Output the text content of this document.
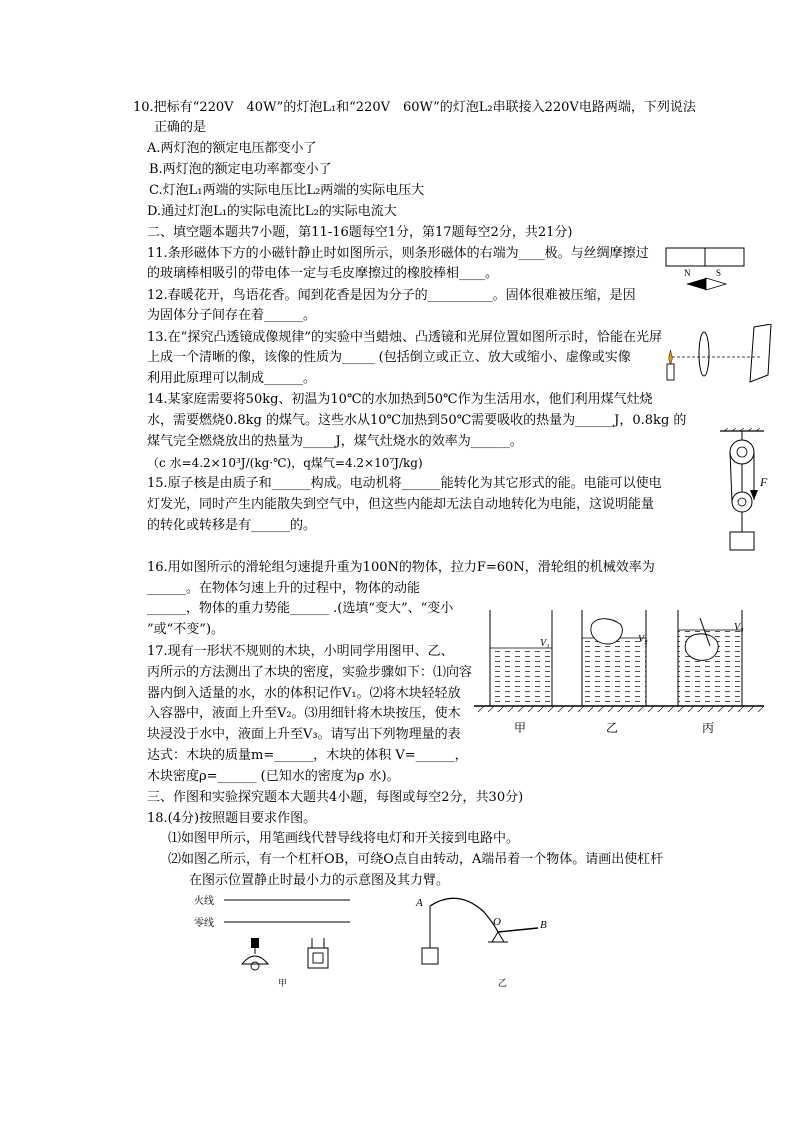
10.把标有“220V　40W”的灯泡L₁和“220V　60W”的灯泡L₂串联接入220V电路两端，下列说法
正确的是
A.两灯泡的额定电压都变小了
B.两灯泡的额定电功率都变小了
C.灯泡L₁两端的实际电压比L₂两端的实际电压大
D.通过灯泡L₁的实际电流比L₂的实际电流大
二、填空题本题共7小题，第11-16题每空1分，第17题每空2分，共21分)
11.条形磁体下方的小磁针静止时如图所示，则条形磁体的右端为____极。与丝绸摩擦过
的玻璃棒相吸引的带电体一定与毛皮摩擦过的橡胶棒相____。	N	S
12.春暖花开，鸟语花香。闻到花香是因为分子的__________。固体很难被压缩，是因
为固体分子间存在着______。
13.在“探究凸透镜成像规律”的实验中当蜡烛、凸透镜和光屏位置如图所示时，恰能在光屏
上成一个清晰的像，该像的性质为_____ (包括倒立或正立、放大或缩小、虚像或实像
利用此原理可以制成______。
14.某家庭需要将50kg、初温为10℃的水加热到50℃作为生活用水，他们利用煤气灶烧
水，需要燃烧0.8kg 的煤气。这些水从10℃加热到50℃需要吸收的热量为______J，0.8kg 的
煤气完全燃烧放出的热量为_____J，煤气灶烧水的效率为______。
（c 水=4.2×10³J/(kg·℃)，q煤气=4.2×10⁷J/kg)
F
15.原子核是由质子和______构成。电动机将______能转化为其它形式的能。电能可以使电
灯发光，同时产生内能散失到空气中，但这些内能却无法自动地转化为电能，这说明能量
的转化或转移是有______的。
16.用如图所示的滑轮组匀速提升重为100N的物体，拉力F=60N，滑轮组的机械效率为
______。在物体匀速上升的过程中，物体的动能
______，物体的重力势能______ .(选填“变大”、“变小
”或“不变”)。
17.现有一形状不规则的木块，小明同学用图甲、乙、
丙所示的方法测出了木块的密度，实验步骤如下：⑴向容
器内倒入适量的水，水的体积记作V₁。⑵将木块轻轻放
入容器中，液面上升至V₂。⑶用细针将木块按压，使木
块浸没于水中，液面上升至V₃。请写出下列物理量的表
达式：木块的质量m=______，木块的体积 V=______，
木块密度ρ=______ (已知水的密度为ρ 水)。
V₁	V₂
V₃
甲	乙	丙
三、作图和实验探究题本大题共4小题，每图或每空2分，共30分)
18.(4分)按照题目要求作图。
⑴如图甲所示，用笔画线代替导线将电灯和开关接到电路中。
⑵如图乙所示，有一个杠杆OB，可绕O点自由转动，A端吊着一个物体。请画出使杠杆
在图示位置静止时最小力的示意图及其力臂。
火线
零线
甲
A
O	B
乙
